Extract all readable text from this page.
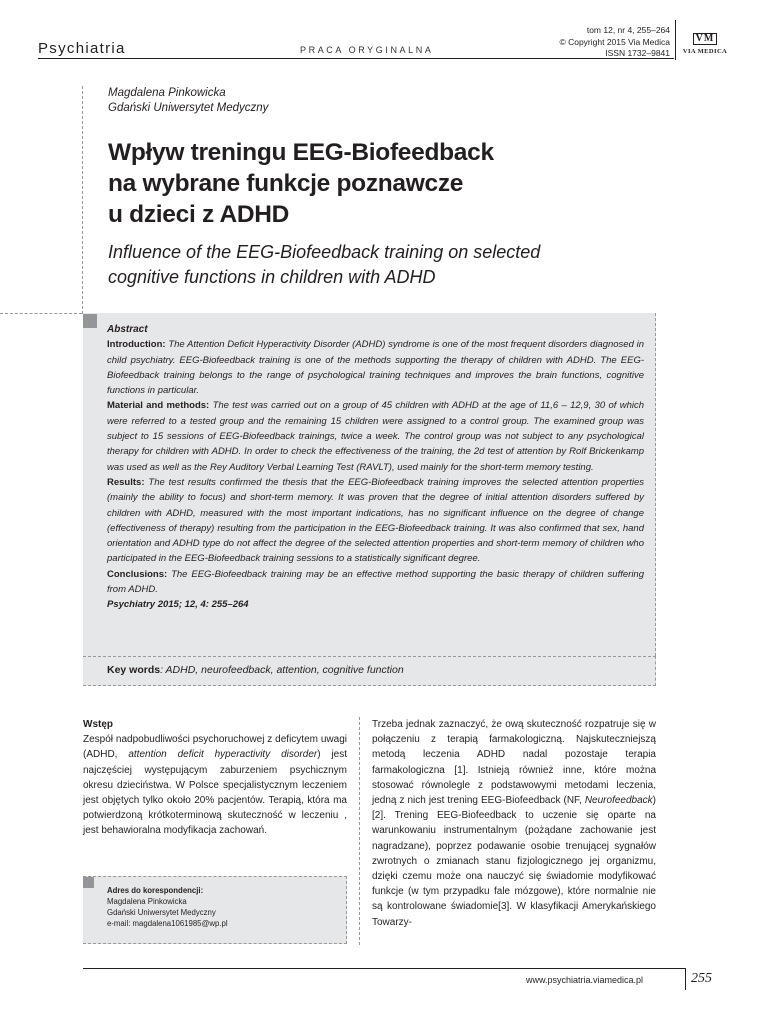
Psychiatria	PRACA ORYGINALNA
tom 12, nr 4, 255–264
© Copyright 2015 Via Medica
ISSN 1732–9841
VM
VIA MEDICA
Magdalena Pinkowicka
Gdański Uniwersytet Medyczny
Wpływ treningu EEG-Biofeedback
na wybrane funkcje poznawcze
u dzieci z ADHD
Influence of the EEG-Biofeedback training on selected
cognitive functions in children with ADHD
Abstract
Introduction: The Attention Deficit Hyperactivity Disorder (ADHD) syndrome is one of the most frequent disorders diagnosed in child psychiatry. EEG-Biofeedback training is one of the methods supporting the therapy of children with ADHD. The EEG-Biofeedback training belongs to the range of psychological training techniques and improves the brain functions, cognitive functions in particular.
Material and methods: The test was carried out on a group of 45 children with ADHD at the age of 11,6 – 12,9, 30 of which were referred to a tested group and the remaining 15 children were assigned to a control group. The examined group was subject to 15 sessions of EEG-Biofeedback trainings, twice a week. The control group was not subject to any psychological therapy for children with ADHD. In order to check the effectiveness of the training, the 2d test of attention by Rolf Brickenkamp was used as well as the Rey Auditory Verbal Learning Test (RAVLT), used mainly for the short-term memory testing.
Results: The test results confirmed the thesis that the EEG-Biofeedback training improves the selected attention properties (mainly the ability to focus) and short-term memory. It was proven that the degree of initial attention disorders suffered by children with ADHD, measured with the most important indications, has no significant influence on the degree of change (effectiveness of therapy) resulting from the participation in the EEG-Biofeedback training. It was also confirmed that sex, hand orientation and ADHD type do not affect the degree of the selected attention properties and short-term memory of children who participated in the EEG-Biofeedback training sessions to a statistically significant degree.
Conclusions: The EEG-Biofeedback training may be an effective method supporting the basic therapy of children suffering from ADHD.
Psychiatry 2015; 12, 4: 255–264
Key words: ADHD, neurofeedback, attention, cognitive function
Wstęp
Zespół nadpobudliwości psychoruchowej z deficytem uwagi (ADHD, attention deficit hyperactivity disorder) jest najczęściej występującym zaburzeniem psychicznym okresu dzieciństwa. W Polsce specjalistycznym leczeniem jest objętych tylko około 20% pacjentów. Terapią, która ma potwierdzoną krótkoterminową skuteczność w leczeniu , jest behawioralna modyfikacja zachowań.
Trzeba jednak zaznaczyć, że ową skuteczność rozpatruje się w połączeniu z terapią farmakologiczną. Najskuteczniejszą metodą leczenia ADHD nadal pozostaje terapia farmakologiczna [1]. Istnieją również inne, które można stosować równolegle z podstawowymi metodami leczenia, jedną z nich jest trening EEG-Biofeedback (NF, Neurofeedback) [2]. Trening EEG-Biofeedback to uczenie się oparte na warunkowaniu instrumentalnym (pożądane zachowanie jest nagradzane), poprzez podawanie osobie trenującej sygnałów zwrotnych o zmianach stanu fizjologicznego jej organizmu, dzięki czemu może ona nauczyć się świadomie modyfikować funkcje (w tym przypadku fale mózgowe), które normalnie nie są kontrolowane świadomie[3]. W klasyfikacji Amerykańskiego Towarzy-
Adres do korespondencji:
Magdalena Pinkowicka
Gdański Uniwersytet Medyczny
e-mail: magdalena1061985@wp.pl
www.psychiatria.viamedica.pl	255
